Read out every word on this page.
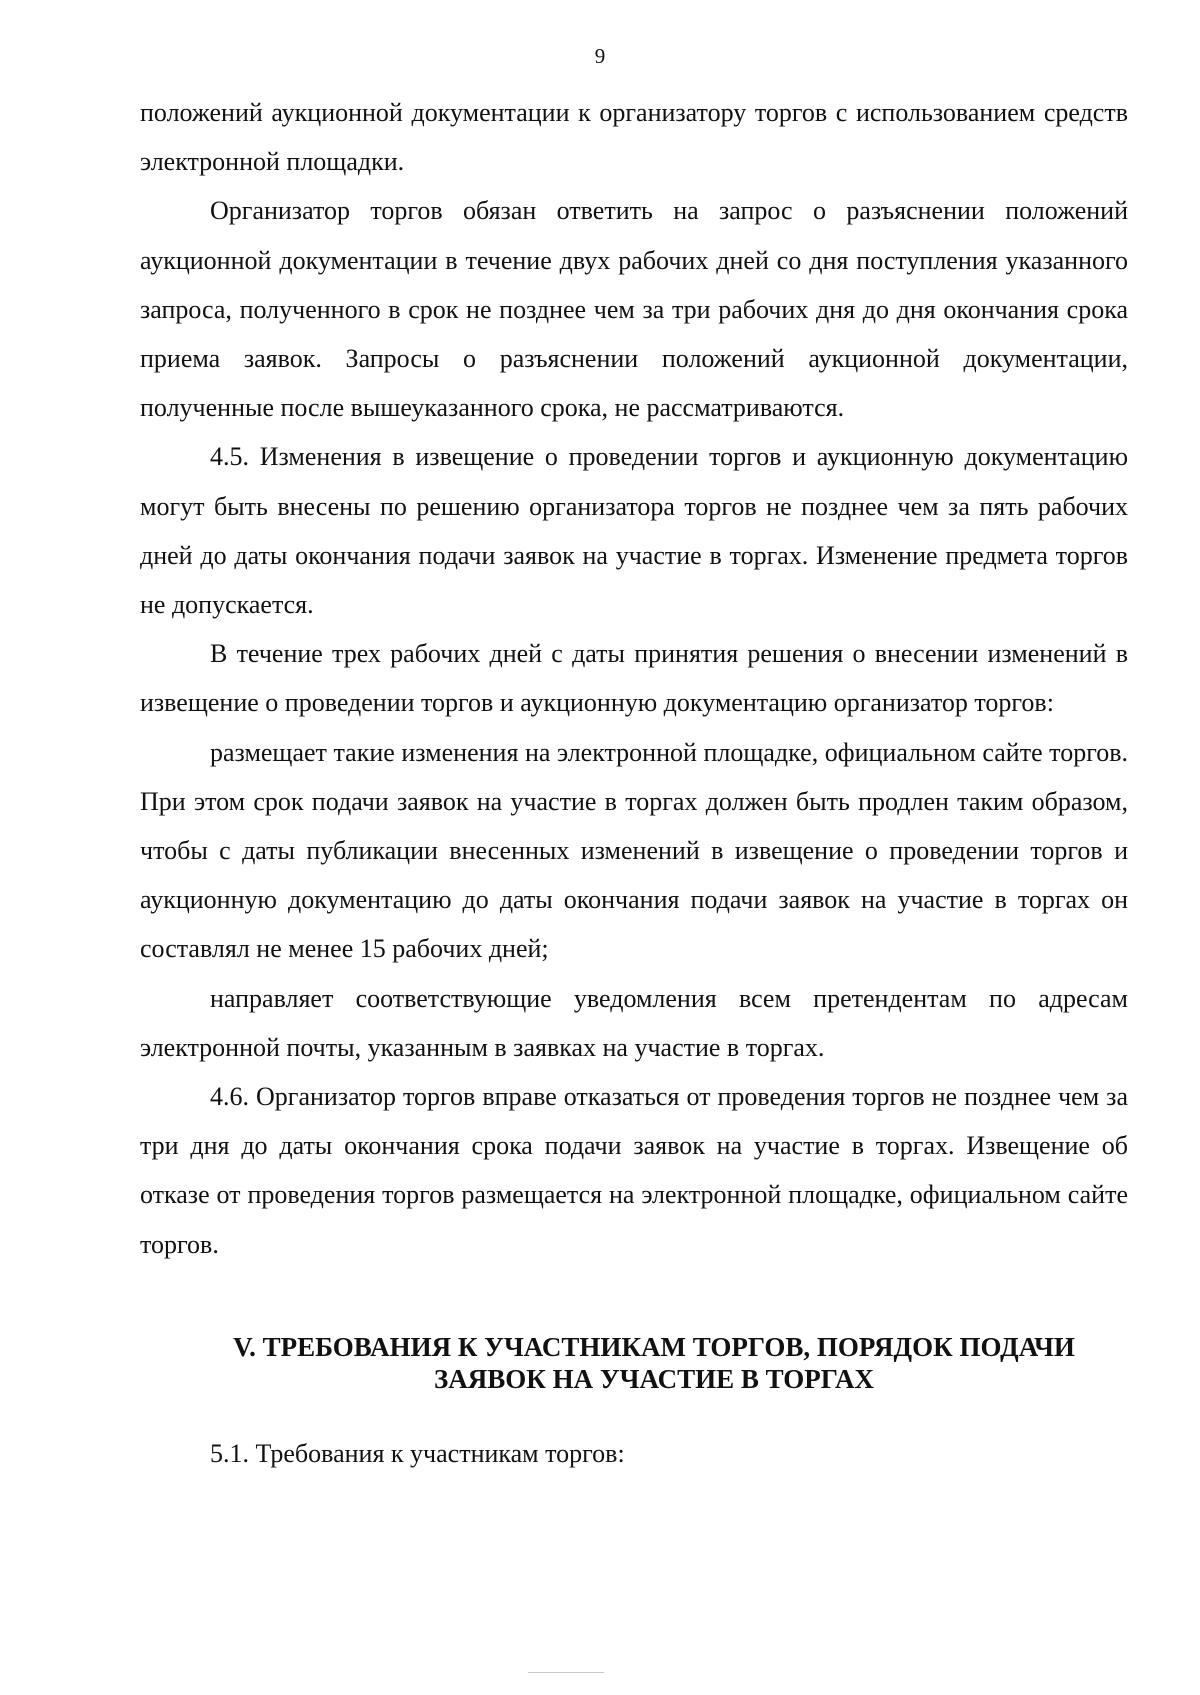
9

положений аукционной документации к организатору торгов с использованием средств электронной площадки.

Организатор торгов обязан ответить на запрос о разъяснении положений аукционной документации в течение двух рабочих дней со дня поступления указанного запроса, полученного в срок не позднее чем за три рабочих дня до дня окончания срока приема заявок. Запросы о разъяснении положений аукционной документации, полученные после вышеуказанного срока, не рассматриваются.

4.5. Изменения в извещение о проведении торгов и аукционную документацию могут быть внесены по решению организатора торгов не позднее чем за пять рабочих дней до даты окончания подачи заявок на участие в торгах. Изменение предмета торгов не допускается.

В течение трех рабочих дней с даты принятия решения о внесении изменений в извещение о проведении торгов и аукционную документацию организатор торгов:

размещает такие изменения на электронной площадке, официальном сайте торгов. При этом срок подачи заявок на участие в торгах должен быть продлен таким образом, чтобы с даты публикации внесенных изменений в извещение о проведении торгов и аукционную документацию до даты окончания подачи заявок на участие в торгах он составлял не менее 15 рабочих дней;

направляет соответствующие уведомления всем претендентам по адресам электронной почты, указанным в заявках на участие в торгах.

4.6. Организатор торгов вправе отказаться от проведения торгов не позднее чем за три дня до даты окончания срока подачи заявок на участие в торгах. Извещение об отказе от проведения торгов размещается на электронной площадке, официальном сайте торгов.

V. ТРЕБОВАНИЯ К УЧАСТНИКАМ ТОРГОВ, ПОРЯДОК ПОДАЧИ
ЗАЯВОК НА УЧАСТИЕ В ТОРГАХ

5.1. Требования к участникам торгов:
